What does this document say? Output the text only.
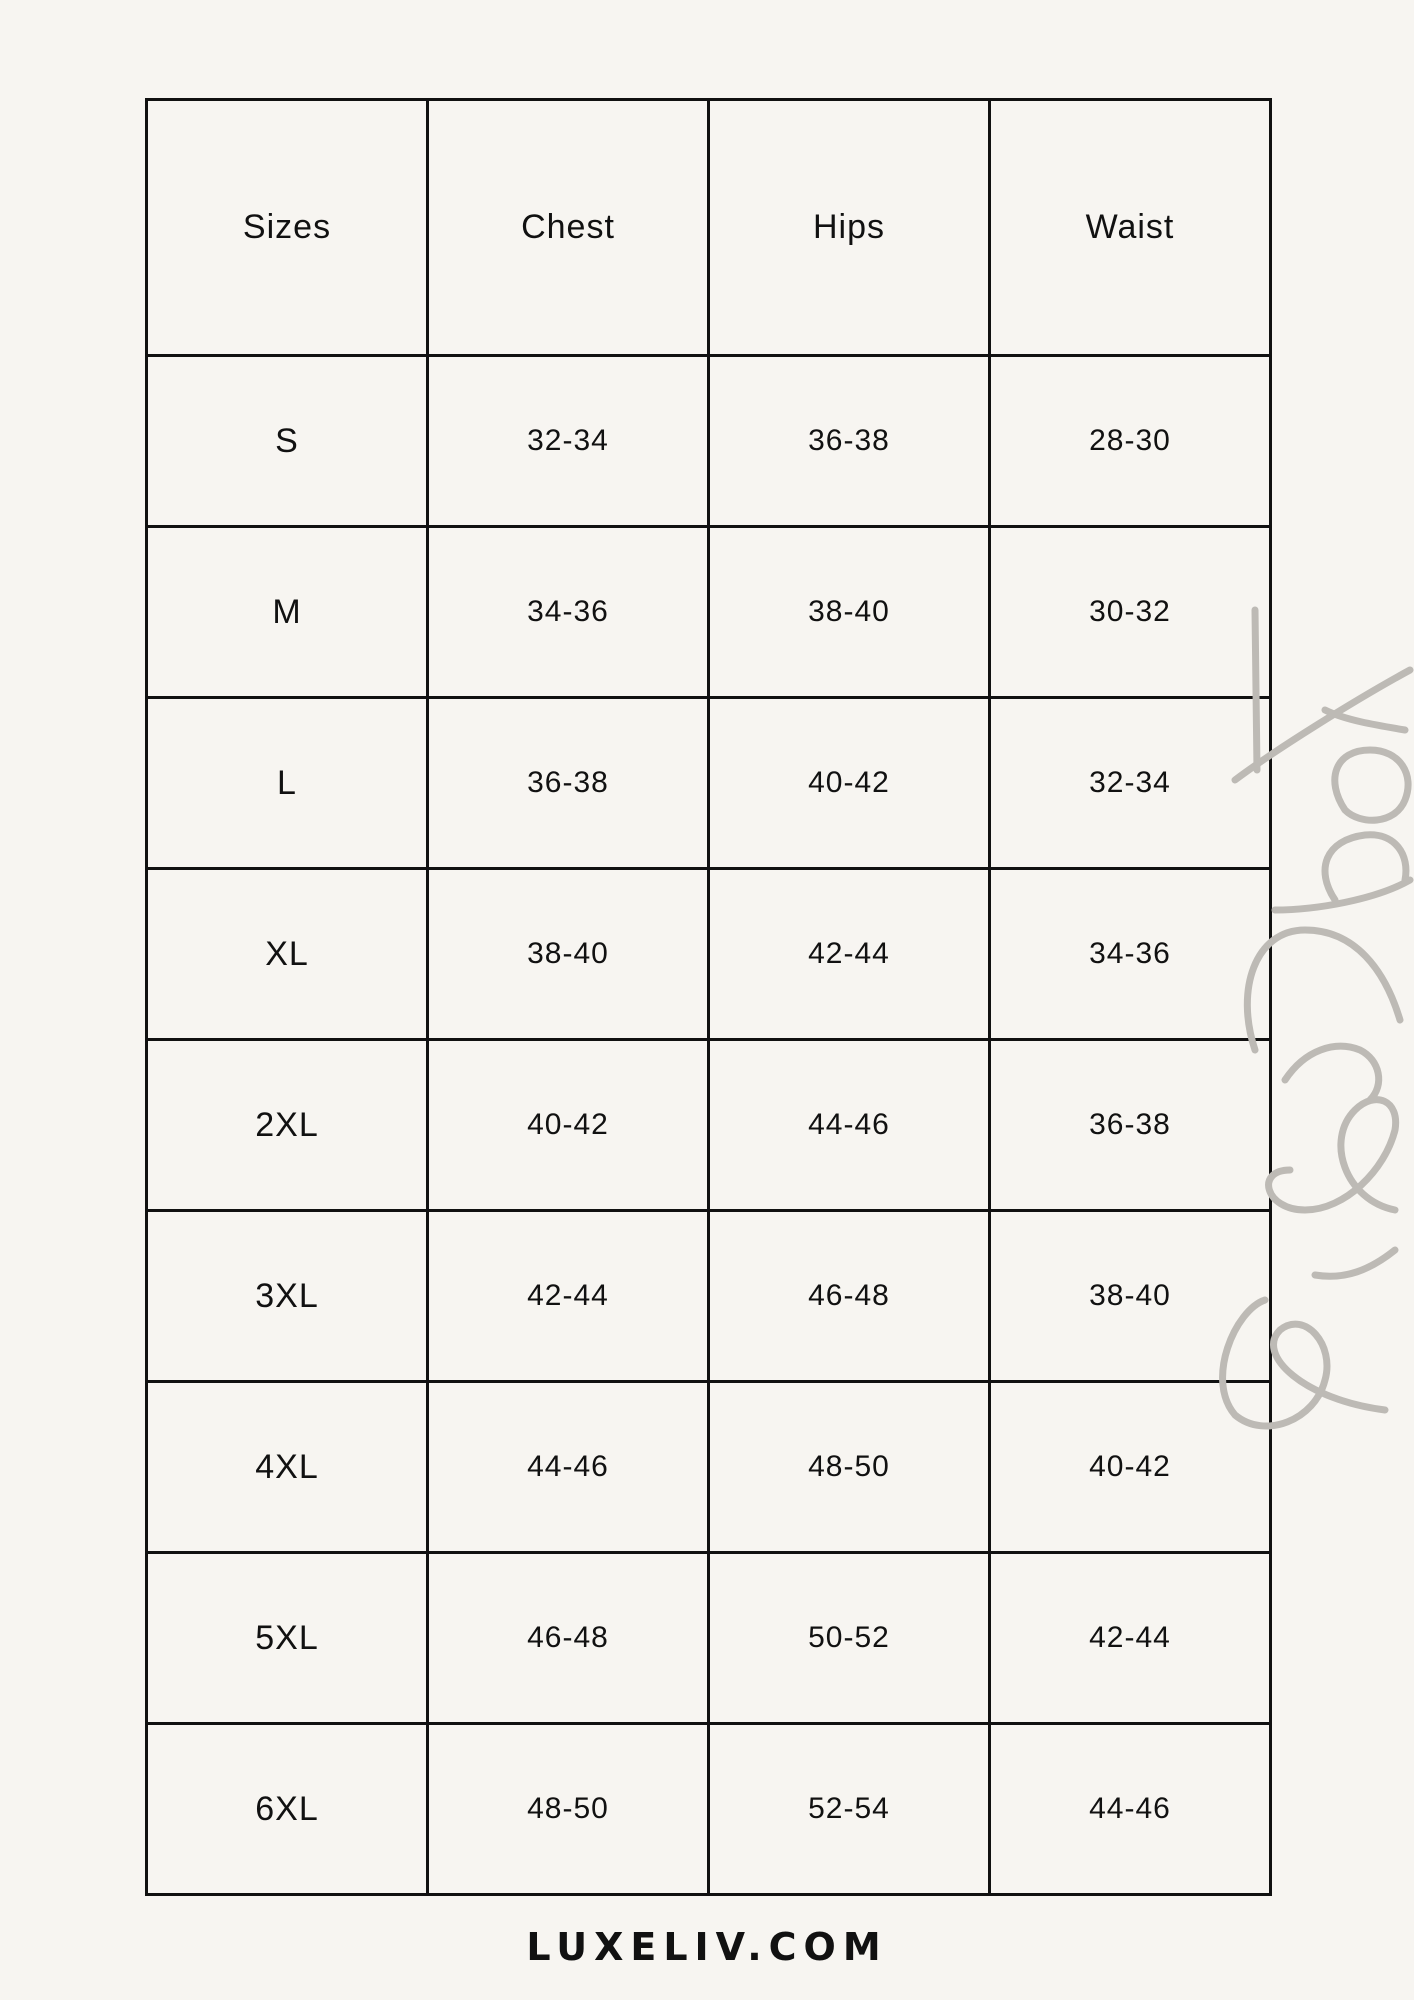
Sizes	Chest	Hips	Waist
S	32-34	36-38	28-30
M	34-36	38-40	30-32
L	36-38	40-42	32-34
XL	38-40	42-44	34-36
2XL	40-42	44-46	36-38
3XL	42-44	46-48	38-40
4XL	44-46	48-50	40-42
5XL	46-48	50-52	42-44
6XL	48-50	52-54	44-46
LUXELIV.COM
